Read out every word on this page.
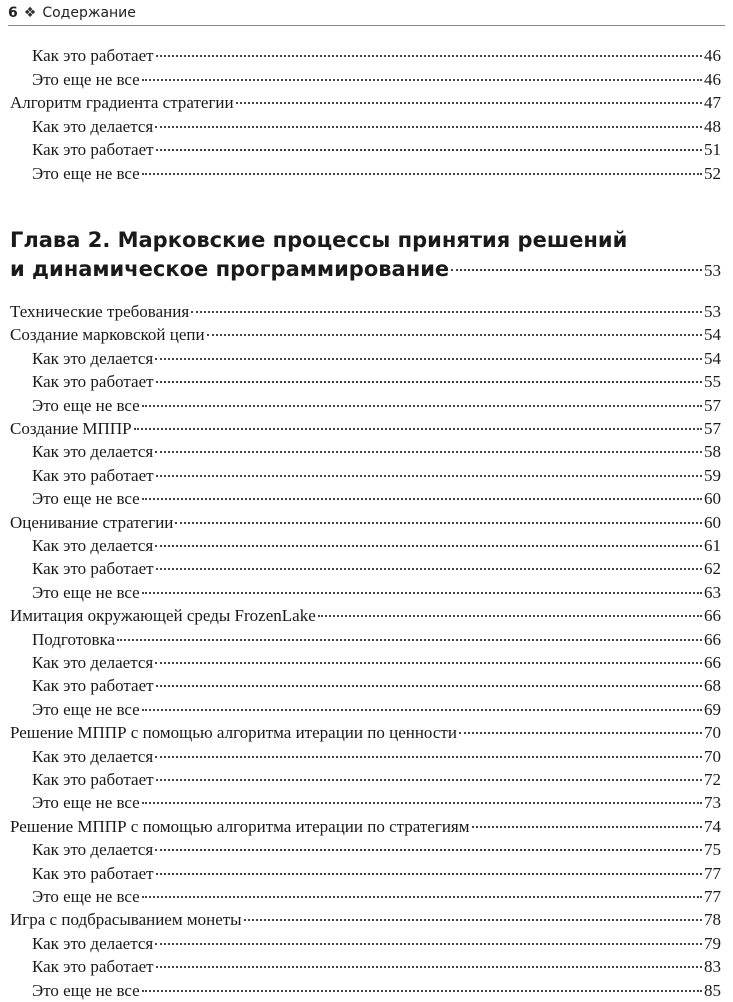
6 ❖ Содержание
Как это работает	46
Это еще не все	46
Алгоритм градиента стратегии	47
Как это делается	48
Как это работает	51
Это еще не все	52
Глава 2. Марковские процессы принятия решений
и динамическое программирование	53
Технические требования	53
Создание марковской цепи	54
Как это делается	54
Как это работает	55
Это еще не все	57
Создание МППР	57
Как это делается	58
Как это работает	59
Это еще не все	60
Оценивание стратегии	60
Как это делается	61
Как это работает	62
Это еще не все	63
Имитация окружающей среды FrozenLake	66
Подготовка	66
Как это делается	66
Как это работает	68
Это еще не все	69
Решение МППР с помощью алгоритма итерации по ценности	70
Как это делается	70
Как это работает	72
Это еще не все	73
Решение МППР с помощью алгоритма итерации по стратегиям	74
Как это делается	75
Как это работает	77
Это еще не все	77
Игра с подбрасыванием монеты	78
Как это делается	79
Как это работает	83
Это еще не все	85
